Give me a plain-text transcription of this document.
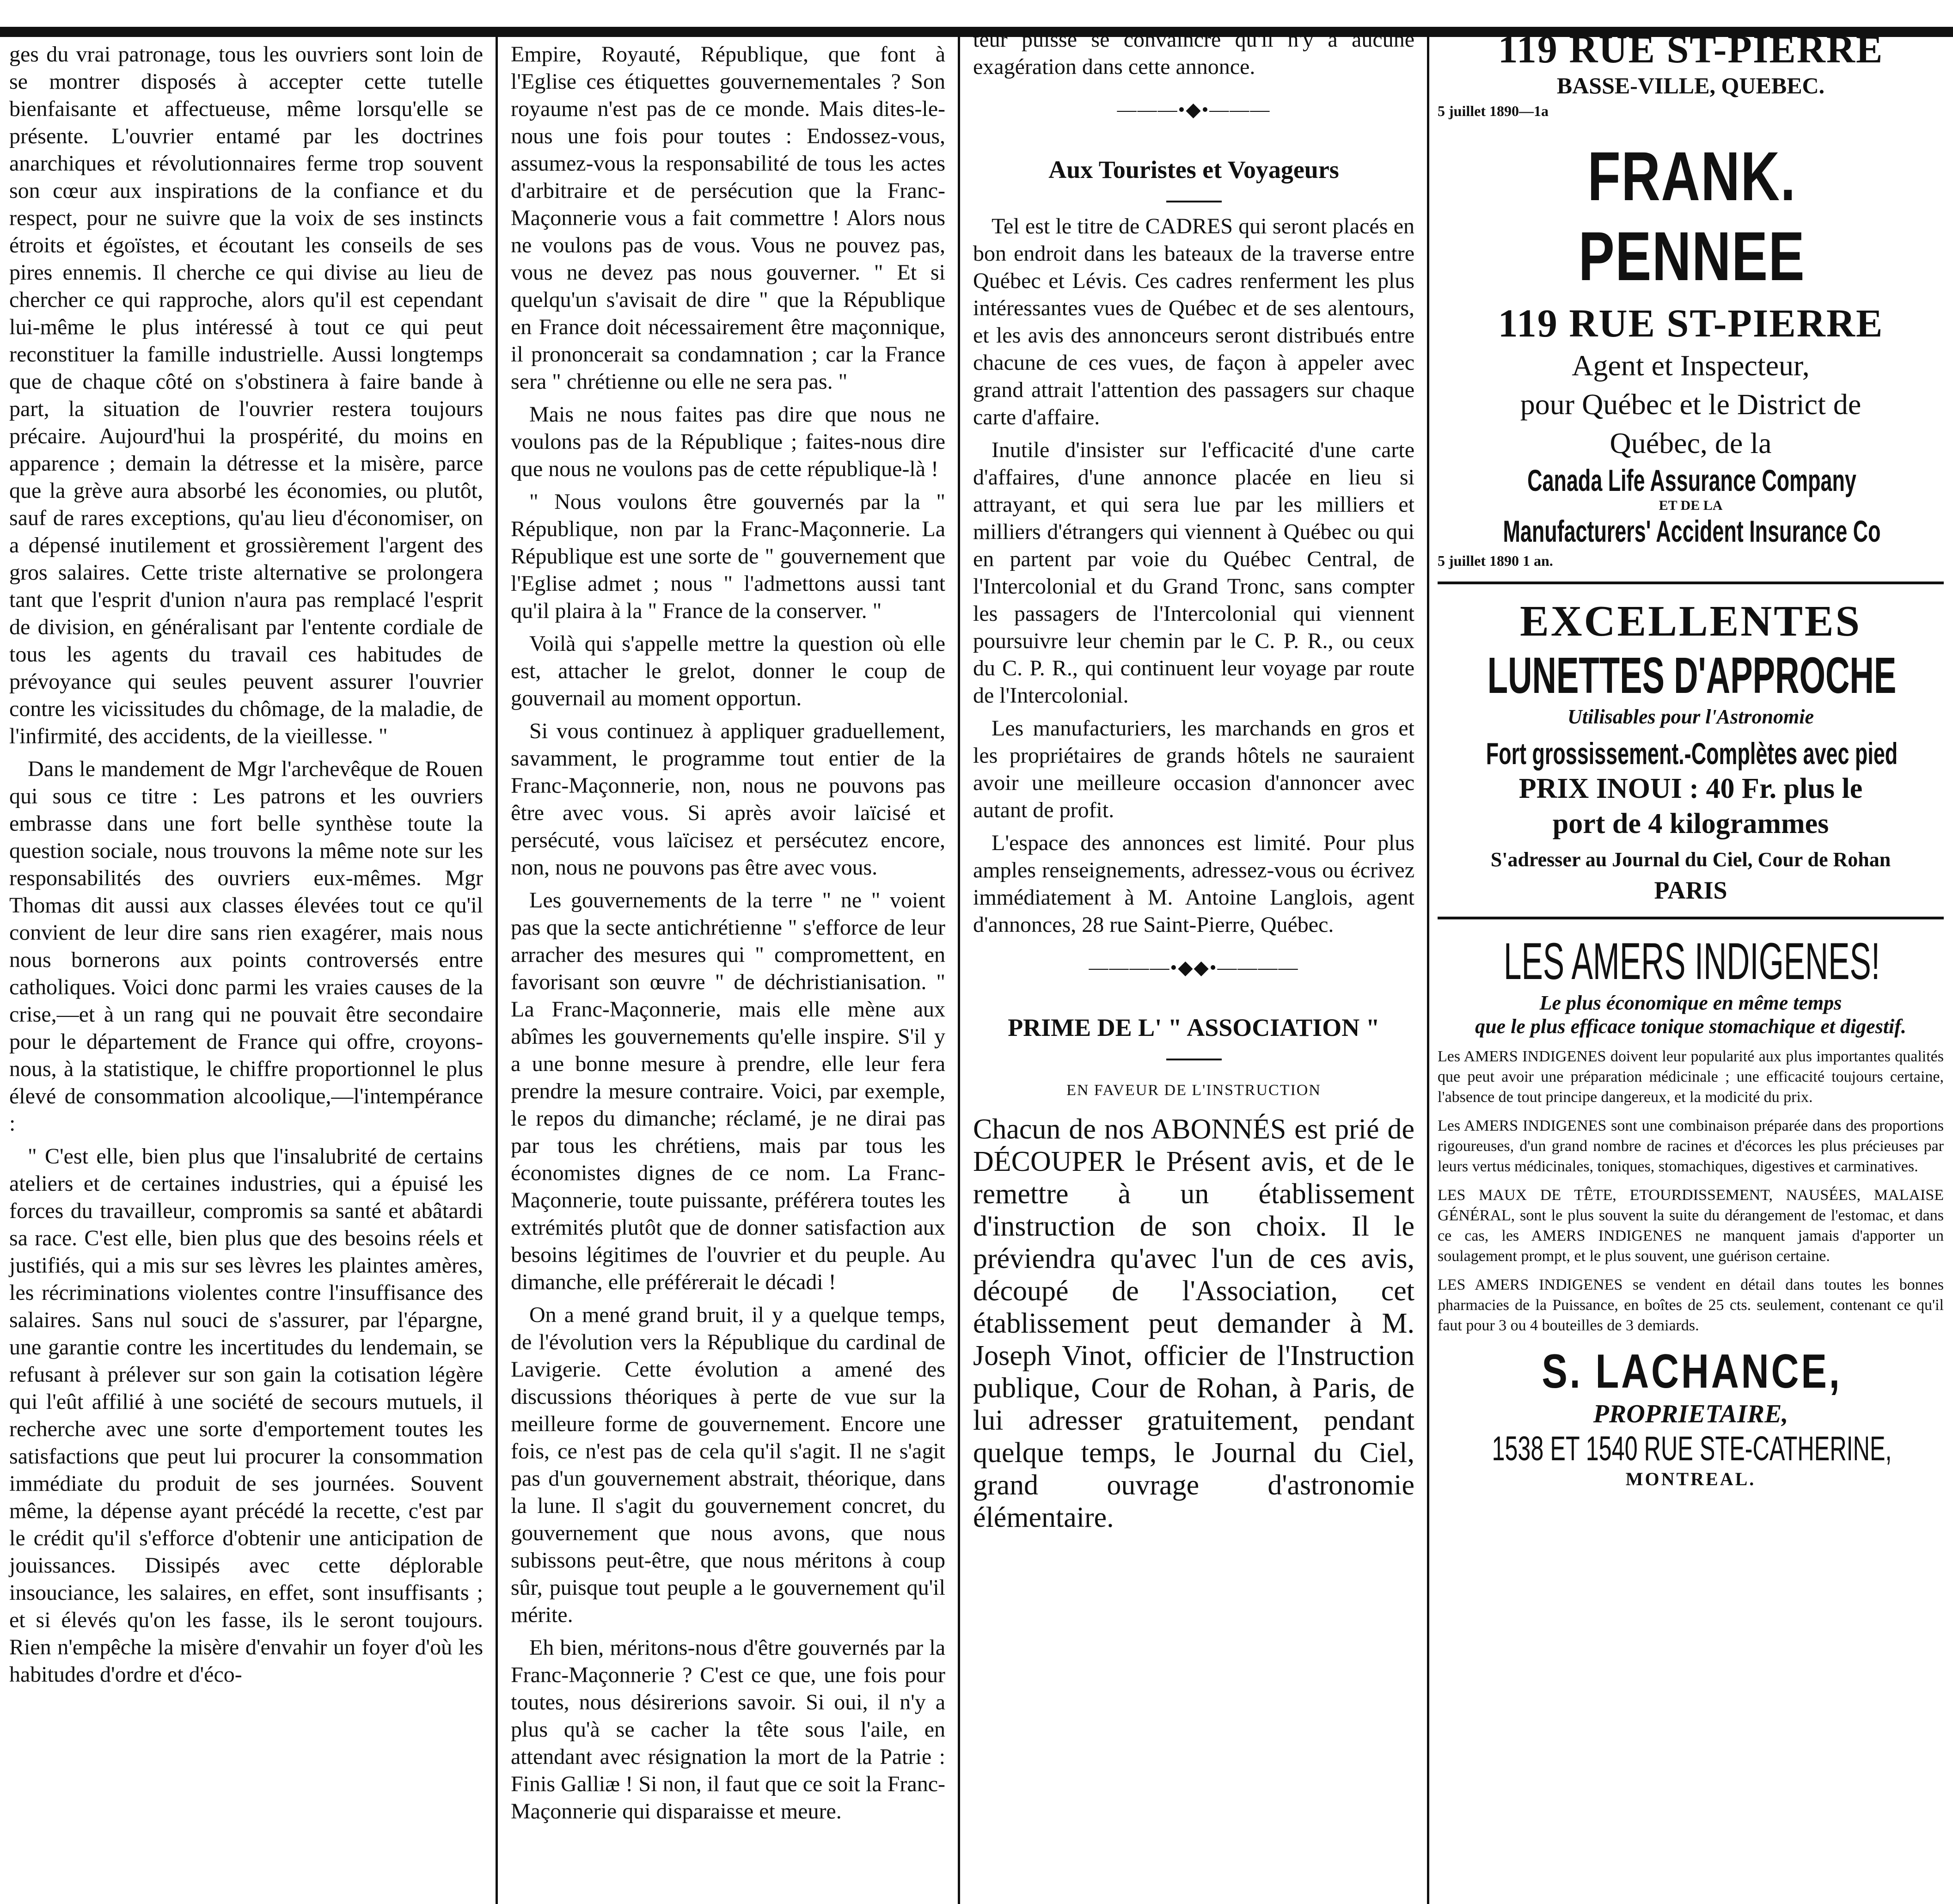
ges du vrai patronage, tous les ouvriers sont loin de se montrer disposés à accepter cette tutelle bienfaisante et affectueuse, même lorsqu'elle se présente. L'ouvrier entamé par les doctrines anarchiques et révolutionnaires ferme trop souvent son cœur aux inspirations de la confiance et du respect, pour ne suivre que la voix de ses instincts étroits et égoïstes, et écoutant les conseils de ses pires ennemis. Il cherche ce qui divise au lieu de chercher ce qui rapproche, alors qu'il est cependant lui-même le plus intéressé à tout ce qui peut reconstituer la famille industrielle. Aussi longtemps que de chaque côté on s'obstinera à faire bande à part, la situation de l'ouvrier restera toujours précaire. Aujourd'hui la prospérité, du moins en apparence ; demain la détresse et la misère, parce que la grève aura absorbé les économies, ou plutôt, sauf de rares exceptions, qu'au lieu d'économiser, on a dépensé inutilement et grossièrement l'argent des gros salaires. Cette triste alternative se prolongera tant que l'esprit d'union n'aura pas remplacé l'esprit de division, en généralisant par l'entente cordiale de tous les agents du travail ces habitudes de prévoyance qui seules peuvent assurer l'ouvrier contre les vicissitudes du chômage, de la maladie, de l'infirmité, des accidents, de la vieillesse. "

Dans le mandement de Mgr l'archevêque de Rouen qui sous ce titre : Les patrons et les ouvriers embrasse dans une fort belle synthèse toute la question sociale, nous trouvons la même note sur les responsabilités des ouvriers eux-mêmes. Mgr Thomas dit aussi aux classes élevées tout ce qu'il convient de leur dire sans rien exagérer, mais nous nous bornerons aux points controversés entre catholiques. Voici donc parmi les vraies causes de la crise,—et à un rang qui ne pouvait être secondaire pour le département de France qui offre, croyons-nous, à la statistique, le chiffre proportionnel le plus élevé de consommation alcoolique,—l'intempérance :

" C'est elle, bien plus que l'insalubrité de certains ateliers et de certaines industries, qui a épuisé les forces du travailleur, compromis sa santé et abâtardi sa race. C'est elle, bien plus que des besoins réels et justifiés, qui a mis sur ses lèvres les plaintes amères, les récriminations violentes contre l'insuffisance des salaires. Sans nul souci de s'assurer, par l'épargne, une garantie contre les incertitudes du lendemain, se refusant à prélever sur son gain la cotisation légère qui l'eût affilié à une société de secours mutuels, il recherche avec une sorte d'emportement toutes les satisfactions que peut lui procurer la consommation immédiate du produit de ses journées. Souvent même, la dépense ayant précédé la recette, c'est par le crédit qu'il s'efforce d'obtenir une anticipation de jouissances. Dissipés avec cette déplorable insouciance, les salaires, en effet, sont insuffisants ; et si élevés qu'on les fasse, ils le seront toujours. Rien n'empêche la misère d'envahir un foyer d'où les habitudes d'ordre et d'éco-

Empire, Royauté, République, que font à l'Eglise ces étiquettes gouvernementales ? Son royaume n'est pas de ce monde. Mais dites-le-nous une fois pour toutes : Endossez-vous, assumez-vous la responsabilité de tous les actes d'arbitraire et de persécution que la Franc-Maçonnerie vous a fait commettre ! Alors nous ne voulons pas de vous. Vous ne pouvez pas, vous ne devez pas nous gouverner. " Et si quelqu'un s'avisait de dire " que la République en France doit nécessairement être maçonnique, il prononcerait sa condamnation ; car la France sera " chrétienne ou elle ne sera pas. "

Mais ne nous faites pas dire que nous ne voulons pas de la République ; faites-nous dire que nous ne voulons pas de cette république-là !

" Nous voulons être gouvernés par la " République, non par la Franc-Maçonnerie. La République est une sorte de " gouvernement que l'Eglise admet ; nous " l'admettons aussi tant qu'il plaira à la " France de la conserver. "

Voilà qui s'appelle mettre la question où elle est, attacher le grelot, donner le coup de gouvernail au moment opportun.

Si vous continuez à appliquer graduellement, savamment, le programme tout entier de la Franc-Maçonnerie, non, nous ne pouvons pas être avec vous. Si après avoir laïcisé et persécuté, vous laïcisez et persécutez encore, non, nous ne pouvons pas être avec vous.

Les gouvernements de la terre " ne " voient pas que la secte antichrétienne " s'efforce de leur arracher des mesures qui " compromettent, en favorisant son œuvre " de déchristianisation. " La Franc-Maçonnerie, mais elle mène aux abîmes les gouvernements qu'elle inspire. S'il y a une bonne mesure à prendre, elle leur fera prendre la mesure contraire. Voici, par exemple, le repos du dimanche; réclamé, je ne dirai pas par tous les chrétiens, mais par tous les économistes dignes de ce nom. La Franc-Maçonnerie, toute puissante, préférera toutes les extrémités plutôt que de donner satisfaction aux besoins légitimes de l'ouvrier et du peuple. Au dimanche, elle préférerait le décadi !

On a mené grand bruit, il y a quelque temps, de l'évolution vers la République du cardinal de Lavigerie. Cette évolution a amené des discussions théoriques à perte de vue sur la meilleure forme de gouvernement. Encore une fois, ce n'est pas de cela qu'il s'agit. Il ne s'agit pas d'un gouvernement abstrait, théorique, dans la lune. Il s'agit du gouvernement concret, du gouvernement que nous avons, que nous subissons peut-être, que nous méritons à coup sûr, puisque tout peuple a le gouvernement qu'il mérite.

Eh bien, méritons-nous d'être gouvernés par la Franc-Maçonnerie ? C'est ce que, une fois pour toutes, nous désirerions savoir. Si oui, il n'y a plus qu'à se cacher la tête sous l'aile, en attendant avec résignation la mort de la Patrie : Finis Galliæ ! Si non, il faut que ce soit la Franc-Maçonnerie qui disparaisse et meure.

teur puisse se convaincre qu'il n'y a aucune exagération dans cette annonce.

———•◆•———
Aux Touristes et Voyageurs

Tel est le titre de CADRES qui seront placés en bon endroit dans les bateaux de la traverse entre Québec et Lévis. Ces cadres renferment les plus intéressantes vues de Québec et de ses alentours, et les avis des annonceurs seront distribués entre chacune de ces vues, de façon à appeler avec grand attrait l'attention des passagers sur chaque carte d'affaire.

Inutile d'insister sur l'efficacité d'une carte d'affaires, d'une annonce placée en lieu si attrayant, et qui sera lue par les milliers et milliers d'étrangers qui viennent à Québec ou qui en partent par voie du Québec Central, de l'Intercolonial et du Grand Tronc, sans compter les passagers de l'Intercolonial qui viennent poursuivre leur chemin par le C. P. R., ou ceux du C. P. R., qui continuent leur voyage par route de l'Intercolonial.

Les manufacturiers, les marchands en gros et les propriétaires de grands hôtels ne sauraient avoir une meilleure occasion d'annoncer avec autant de profit.

L'espace des annonces est limité. Pour plus amples renseignements, adressez-vous ou écrivez immédiatement à M. Antoine Langlois, agent d'annonces, 28 rue Saint-Pierre, Québec.

————•◆◆•————
PRIME DE L' " ASSOCIATION "
EN FAVEUR DE L'INSTRUCTION

Chacun de nos ABONNÉS est prié de DÉCOUPER le Présent avis, et de le remettre à un établissement d'instruction de son choix. Il le préviendra qu'avec l'un de ces avis, découpé de l'Association, cet établissement peut demander à M. Joseph Vinot, officier de l'Instruction publique, Cour de Rohan, à Paris, de lui adresser gratuitement, pendant quelque temps, le Journal du Ciel, grand ouvrage d'astronomie élémentaire.

119 RUE ST-PIERRE
BASSE-VILLE, QUEBEC.
5 juillet 1890—1a
FRANK. PENNEE
119 RUE ST-PIERRE
Agent et Inspecteur,
pour Québec et le District de
Québec, de la
Canada Life Assurance Company
ET DE LA
Manufacturers' Accident Insurance Co
5 juillet 1890 1 an.
EXCELLENTES
LUNETTES D'APPROCHE
Utilisables pour l'Astronomie
Fort grossissement.-Complètes avec pied
PRIX INOUI : 40 Fr. plus le
port de 4 kilogrammes
S'adresser au Journal du Ciel, Cour de Rohan
PARIS
LES AMERS INDIGENES!
Le plus économique en même temps
que le plus efficace tonique stomachique et digestif.

Les AMERS INDIGENES doivent leur popularité aux plus importantes qualités que peut avoir une préparation médicinale ; une efficacité toujours certaine, l'absence de tout principe dangereux, et la modicité du prix.

Les AMERS INDIGENES sont une combinaison préparée dans des proportions rigoureuses, d'un grand nombre de racines et d'écorces les plus précieuses par leurs vertus médicinales, toniques, stomachiques, digestives et carminatives.

LES MAUX DE TÊTE, ETOURDISSEMENT, NAUSÉES, MALAISE GÉNÉRAL, sont le plus souvent la suite du dérangement de l'estomac, et dans ce cas, les AMERS INDIGENES ne manquent jamais d'apporter un soulagement prompt, et le plus souvent, une guérison certaine.

LES AMERS INDIGENES se vendent en détail dans toutes les bonnes pharmacies de la Puissance, en boîtes de 25 cts. seulement, contenant ce qu'il faut pour 3 ou 4 bouteilles de 3 demiards.

S. LACHANCE,
PROPRIETAIRE,
1538 ET 1540 RUE STE-CATHERINE,
MONTREAL.
